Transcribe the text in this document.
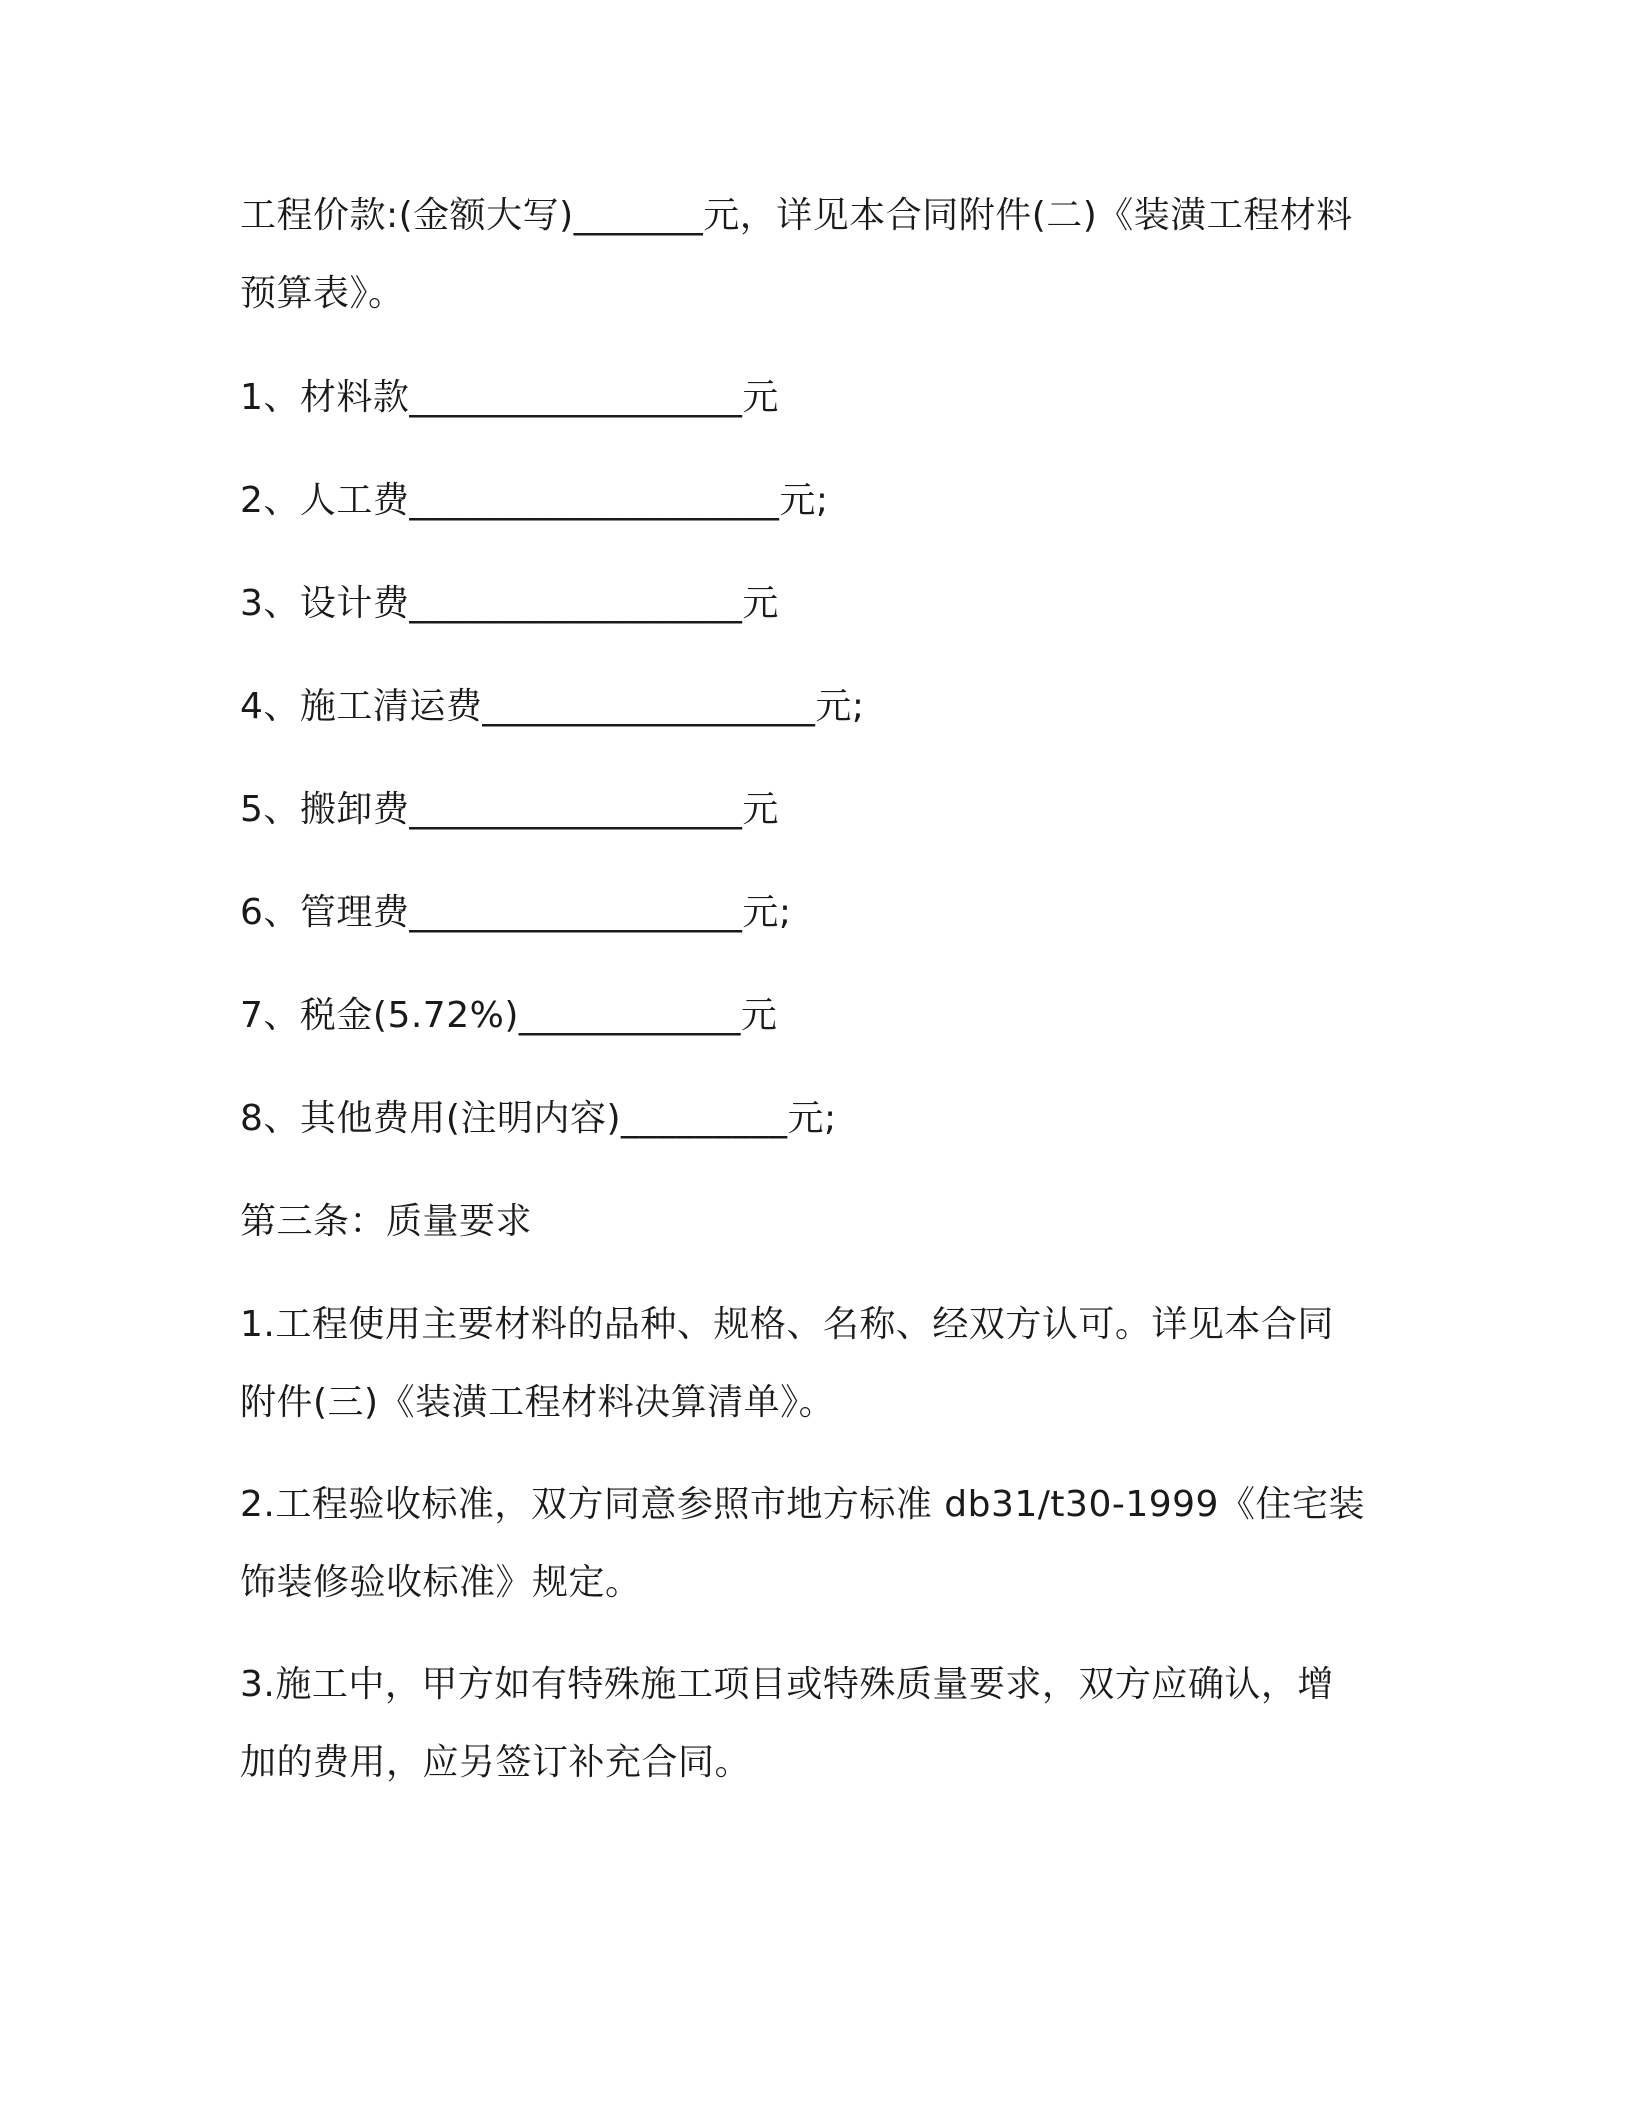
工程价款:(金额大写)_______元，详见本合同附件(二)《装潢工程材料
预算表》。
1、材料款__________________元
2、人工费____________________元;
3、设计费__________________元
4、施工清运费__________________元;
5、搬卸费__________________元
6、管理费__________________元;
7、税金(5.72%)____________元
8、其他费用(注明内容)_________元;
第三条：质量要求
1.工程使用主要材料的品种、规格、名称、经双方认可。详见本合同
附件(三)《装潢工程材料决算清单》。
2.工程验收标准，双方同意参照市地方标准 db31/t30-1999《住宅装
饰装修验收标准》规定。
3.施工中，甲方如有特殊施工项目或特殊质量要求，双方应确认，增
加的费用，应另签订补充合同。
